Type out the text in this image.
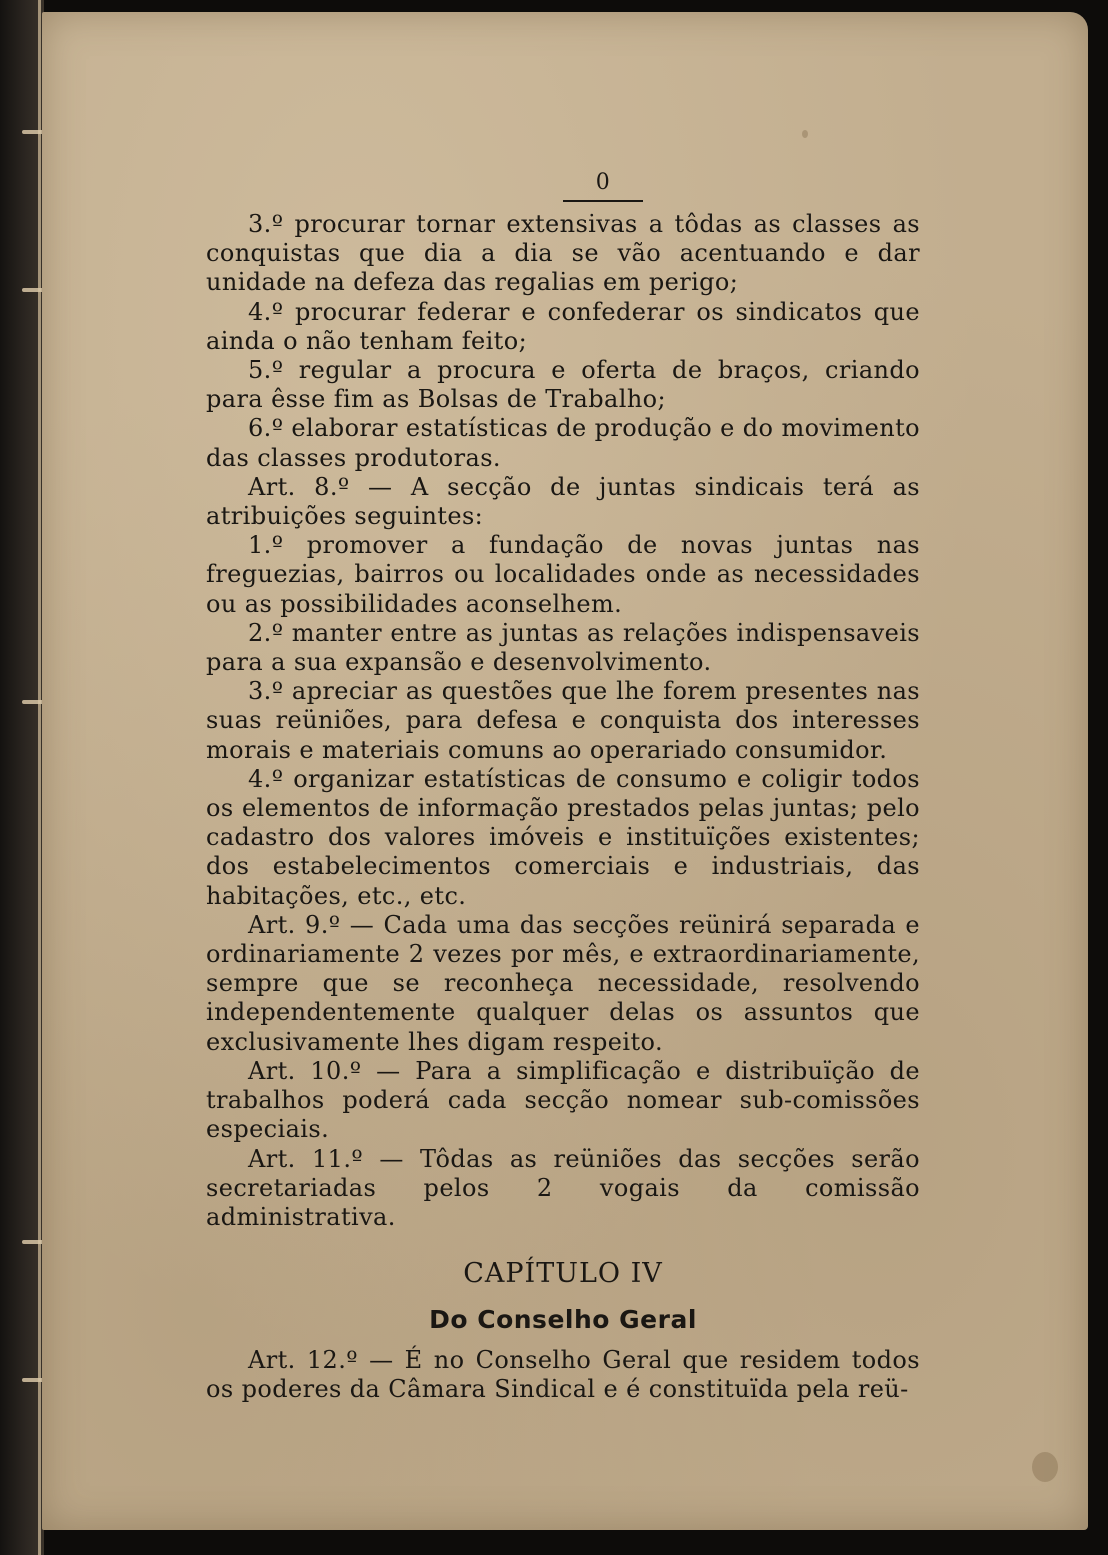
0

3.º procurar tornar extensivas a tôdas as classes as conquistas que dia a dia se vão acentuando e dar unidade na defeza das regalias em perigo;

4.º procurar federar e confederar os sindicatos que ainda o não tenham feito;

5.º regular a procura e oferta de braços, criando para êsse fim as Bolsas de Trabalho;

6.º elaborar estatísticas de produção e do movimento das classes produtoras.

Art. 8.º — A secção de juntas sindicais terá as atribuições seguintes:

1.º promover a fundação de novas juntas nas freguezias, bairros ou localidades onde as necessidades ou as possibilidades aconselhem.

2.º manter entre as juntas as relações indispensaveis para a sua expansão e desenvolvimento.

3.º apreciar as questões que lhe forem presentes nas suas reüniões, para defesa e conquista dos interesses morais e materiais comuns ao operariado consumidor.

4.º organizar estatísticas de consumo e coligir todos os elementos de informação prestados pelas juntas; pelo cadastro dos valores imóveis e instituïções existentes; dos estabelecimentos comerciais e industriais, das habitações, etc., etc.

Art. 9.º — Cada uma das secções reünirá separada e ordinariamente 2 vezes por mês, e extraordinariamente, sempre que se reconheça necessidade, resolvendo independentemente qualquer delas os assuntos que exclusivamente lhes digam respeito.

Art. 10.º — Para a simplificação e distribuïção de trabalhos poderá cada secção nomear sub-comissões especiais.

Art. 11.º — Tôdas as reüniões das secções serão secretariadas pelos 2 vogais da comissão administrativa.

CAPÍTULO IV
Do Conselho Geral

Art. 12.º — É no Conselho Geral que residem todos os poderes da Câmara Sindical e é constituïda pela reü-
